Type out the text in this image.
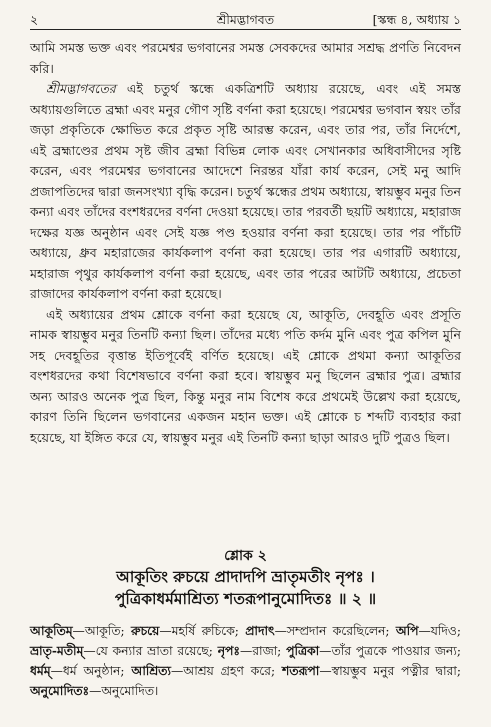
২	শ্রীমদ্ভাগবত	[স্কন্ধ ৪, অধ্যায় ১

আমি সমস্ত ভক্ত এবং পরমেশ্বর ভগবানের সমস্ত সেবকদের আমার সশ্রদ্ধ প্রণতি নিবেদন করি।

শ্রীমদ্ভাগবতের এই চতুর্থ স্কন্ধে একত্রিশটি অধ্যায় রয়েছে, এবং এই সমস্ত অধ্যায়গুলিতে ব্রহ্মা এবং মনুর গৌণ সৃষ্টি বর্ণনা করা হয়েছে। পরমেশ্বর ভগবান স্বয়ং তাঁর জড়া প্রকৃতিকে ক্ষোভিত করে প্রকৃত সৃষ্টি আরম্ভ করেন, এবং তার পর, তাঁর নির্দেশে, এই ব্রহ্মাণ্ডের প্রথম সৃষ্ট জীব ব্রহ্মা বিভিন্ন লোক এবং সেখানকার অধিবাসীদের সৃষ্টি করেন, এবং পরমেশ্বর ভগবানের আদেশে নিরন্তর যাঁরা কার্য করেন, সেই মনু আদি প্রজাপতিদের দ্বারা জনসংখ্যা বৃদ্ধি করেন। চতুর্থ স্কন্ধের প্রথম অধ্যায়ে, স্বায়ম্ভুব মনুর তিন কন্যা এবং তাঁদের বংশধরদের বর্ণনা দেওয়া হয়েছে। তার পরবর্তী ছয়টি অধ্যায়ে, মহারাজ দক্ষের যজ্ঞ অনুষ্ঠান এবং সেই যজ্ঞ পণ্ড হওয়ার বর্ণনা করা হয়েছে। তার পর পাঁচটি অধ্যায়ে, ধ্রুব মহারাজের কার্যকলাপ বর্ণনা করা হয়েছে। তার পর এগারটি অধ্যায়ে, মহারাজ পৃথুর কার্যকলাপ বর্ণনা করা হয়েছে, এবং তার পরের আটটি অধ্যায়ে, প্রচেতা রাজাদের কার্যকলাপ বর্ণনা করা হয়েছে।

এই অধ্যায়ের প্রথম শ্লোকে বর্ণনা করা হয়েছে যে, আকূতি, দেবহূতি এবং প্রসূতি নামক স্বায়ম্ভুব মনুর তিনটি কন্যা ছিল। তাঁদের মধ্যে পতি কর্দম মুনি এবং পুত্র কপিল মুনি সহ দেবহূতির বৃত্তান্ত ইতিপূর্বেই বর্ণিত হয়েছে। এই শ্লোকে প্রথমা কন্যা আকূতির বংশধরদের কথা বিশেষভাবে বর্ণনা করা হবে। স্বায়ম্ভুব মনু ছিলেন ব্রহ্মার পুত্র। ব্রহ্মার অন্য আরও অনেক পুত্র ছিল, কিন্তু মনুর নাম বিশেষ করে প্রথমেই উল্লেখ করা হয়েছে, কারণ তিনি ছিলেন ভগবানের একজন মহান ভক্ত। এই শ্লোকে চ শব্দটি ব্যবহার করা হয়েছে, যা ইঙ্গিত করে যে, স্বায়ম্ভুব মনুর এই তিনটি কন্যা ছাড়া আরও দুটি পুত্রও ছিল।

শ্লোক ২
আকূতিং রুচয়ে প্রাদাদপি ভ্রাতৃমতীং নৃপঃ ।
পুত্রিকাধর্মমাশ্রিত্য শতরূপানুমোদিতঃ ॥ ২ ॥
আকূতিম্—আকূতি; রুচয়ে—মহর্ষি রুচিকে; প্রাদাৎ—সম্প্রদান করেছিলেন; অপি—যদিও; ভ্রাতৃ-মতীম্—যে কন্যার ভ্রাতা রয়েছে; নৃপঃ—রাজা; পুত্রিকা—তাঁর পুত্রকে পাওয়ার জন্য; ধর্মম্—ধর্ম অনুষ্ঠান; আশ্রিত্য—আশ্রয় গ্রহণ করে; শতরূপা—স্বায়ম্ভুব মনুর পত্নীর দ্বারা; অনুমোদিতঃ—অনুমোদিত।
